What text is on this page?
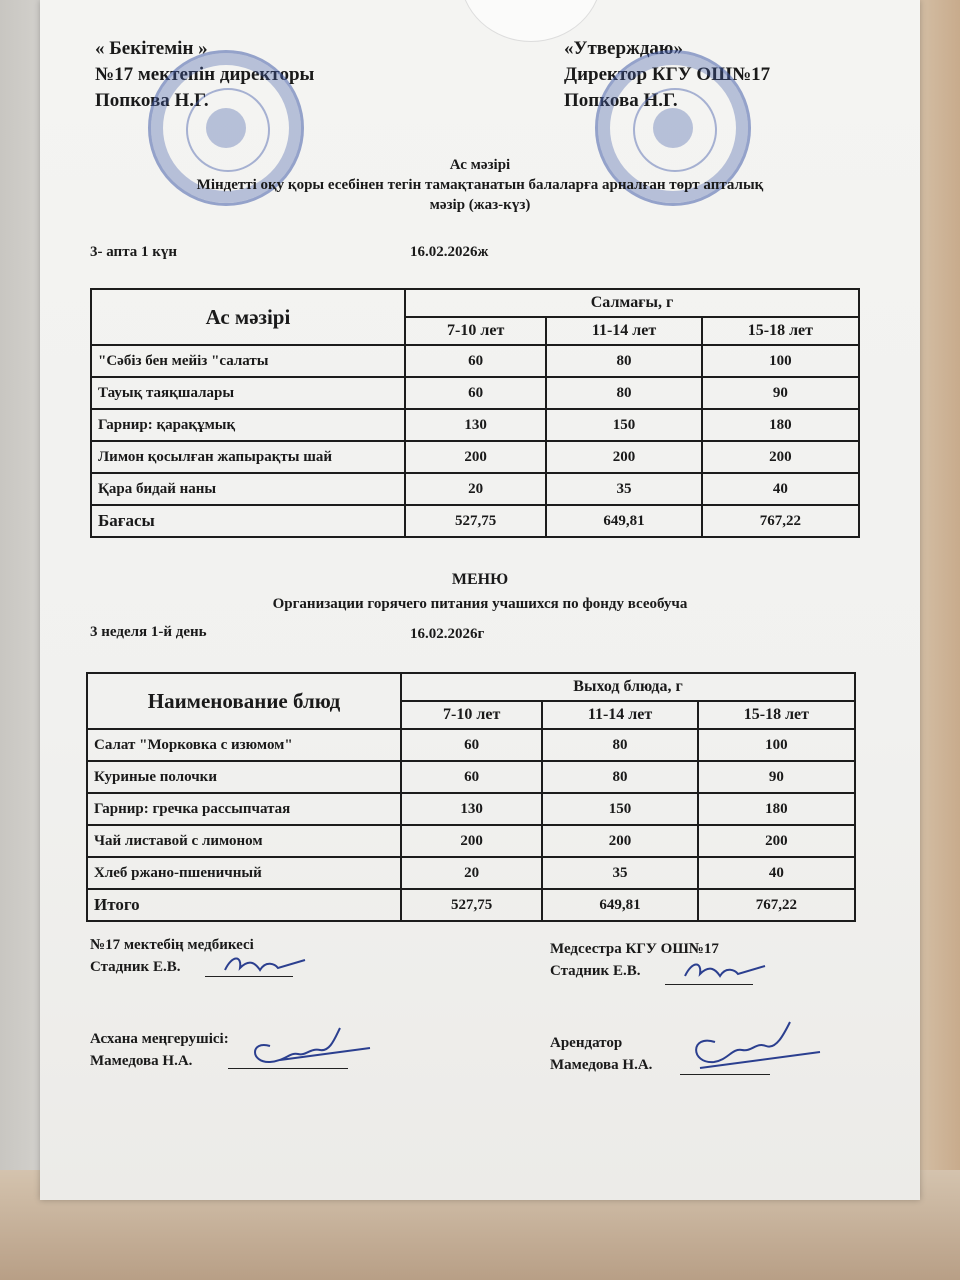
« Бекітемін »
№17 мектепін директоры
Попкова Н.Г.
«Утверждаю»
Директор КГУ ОШ№17
Попкова Н.Г.
Ас мәзірі
Міндетті оқу қоры есебінен тегін тамақтанатын балаларға арналған төрт апталық
мәзір (жаз-күз)
3- апта 1 күн	16.02.2026ж
Ас мәзірі	Салмағы, г		
	7-10 лет	11-14 лет	15-18 лет
"Сәбіз бен мейіз "салаты	60	80	100
Тауық таяқшалары	60	80	90
Гарнир: қарақұмық	130	150	180
Лимон қосылған жапырақты шай	200	200	200
Қара бидай наны	20	35	40
Бағасы	527,75	649,81	767,22
МЕНЮ
Организации горячего питания учашихся по фонду всеобуча
3 неделя 1-й день	16.02.2026г
Наименование блюд	Выход блюда, г		
	7-10 лет	11-14 лет	15-18 лет
Салат "Морковка с изюмом"	60	80	100
Куриные полочки	60	80	90
Гарнир: гречка рассыпчатая	130	150	180
Чай листавой с лимоном	200	200	200
Хлеб ржано-пшеничный	20	35	40
Итого	527,75	649,81	767,22
№17 мектебің медбикесі
Стадник Е.В.
Медсестра КГУ ОШ№17
Стадник Е.В.
Асхана меңгерушісі:
Мамедова Н.А.
Арендатор
Мамедова Н.А.
